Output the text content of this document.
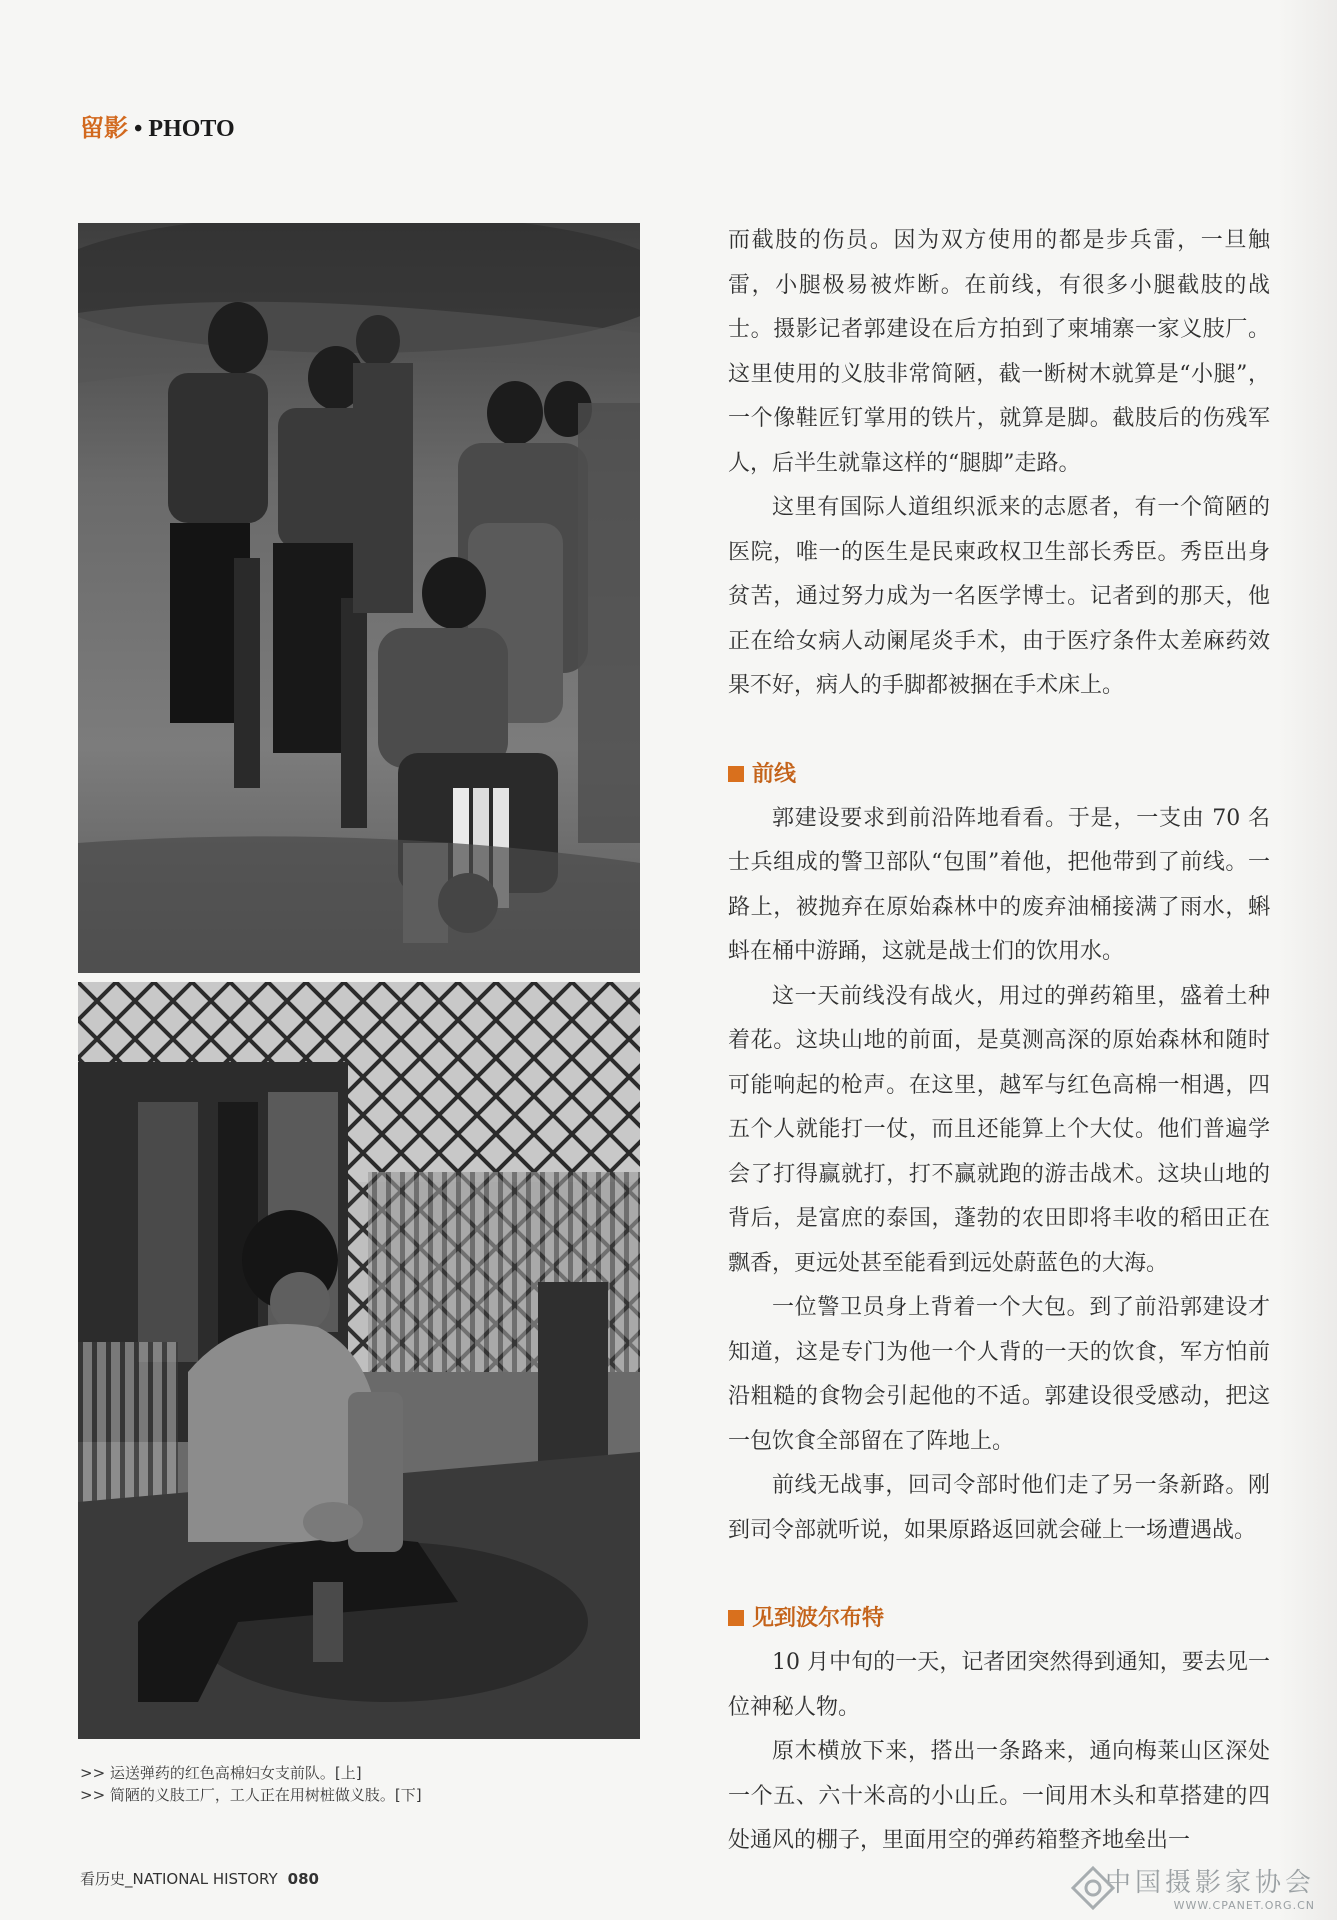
留影 • PHOTO
>> 运送弹药的红色高棉妇女支前队。[上]
>> 简陋的义肢工厂，工人正在用树桩做义肢。[下]

而截肢的伤员。因为双方使用的都是步兵雷，一旦触雷，小腿极易被炸断。在前线，有很多小腿截肢的战士。摄影记者郭建设在后方拍到了柬埔寨一家义肢厂。这里使用的义肢非常简陋，截一断树木就算是“小腿”，一个像鞋匠钉掌用的铁片，就算是脚。截肢后的伤残军人，后半生就靠这样的“腿脚”走路。

这里有国际人道组织派来的志愿者，有一个简陋的医院，唯一的医生是民柬政权卫生部长秀臣。秀臣出身贫苦，通过努力成为一名医学博士。记者到的那天，他正在给女病人动阑尾炎手术，由于医疗条件太差麻药效果不好，病人的手脚都被捆在手术床上。

前线

郭建设要求到前沿阵地看看。于是，一支由 70 名士兵组成的警卫部队“包围”着他，把他带到了前线。一路上，被抛弃在原始森林中的废弃油桶接满了雨水，蝌蚪在桶中游踊，这就是战士们的饮用水。

这一天前线没有战火，用过的弹药箱里，盛着土种着花。这块山地的前面，是莫测高深的原始森林和随时可能响起的枪声。在这里，越军与红色高棉一相遇，四五个人就能打一仗，而且还能算上个大仗。他们普遍学会了打得赢就打，打不赢就跑的游击战术。这块山地的背后，是富庶的泰国，蓬勃的农田即将丰收的稻田正在飘香，更远处甚至能看到远处蔚蓝色的大海。

一位警卫员身上背着一个大包。到了前沿郭建设才知道，这是专门为他一个人背的一天的饮食，军方怕前沿粗糙的食物会引起他的不适。郭建设很受感动，把这一包饮食全部留在了阵地上。

前线无战事，回司令部时他们走了另一条新路。刚到司令部就听说，如果原路返回就会碰上一场遭遇战。

见到波尔布特

10 月中旬的一天，记者团突然得到通知，要去见一位神秘人物。

原木横放下来，搭出一条路来，通向梅莱山区深处一个五、六十米高的小山丘。一间用木头和草搭建的四处通风的棚子，里面用空的弹药箱整齐地垒出一

看历史_NATIONAL HISTORY 080	中国摄影家协会
WWW.CPANET.ORG.CN
